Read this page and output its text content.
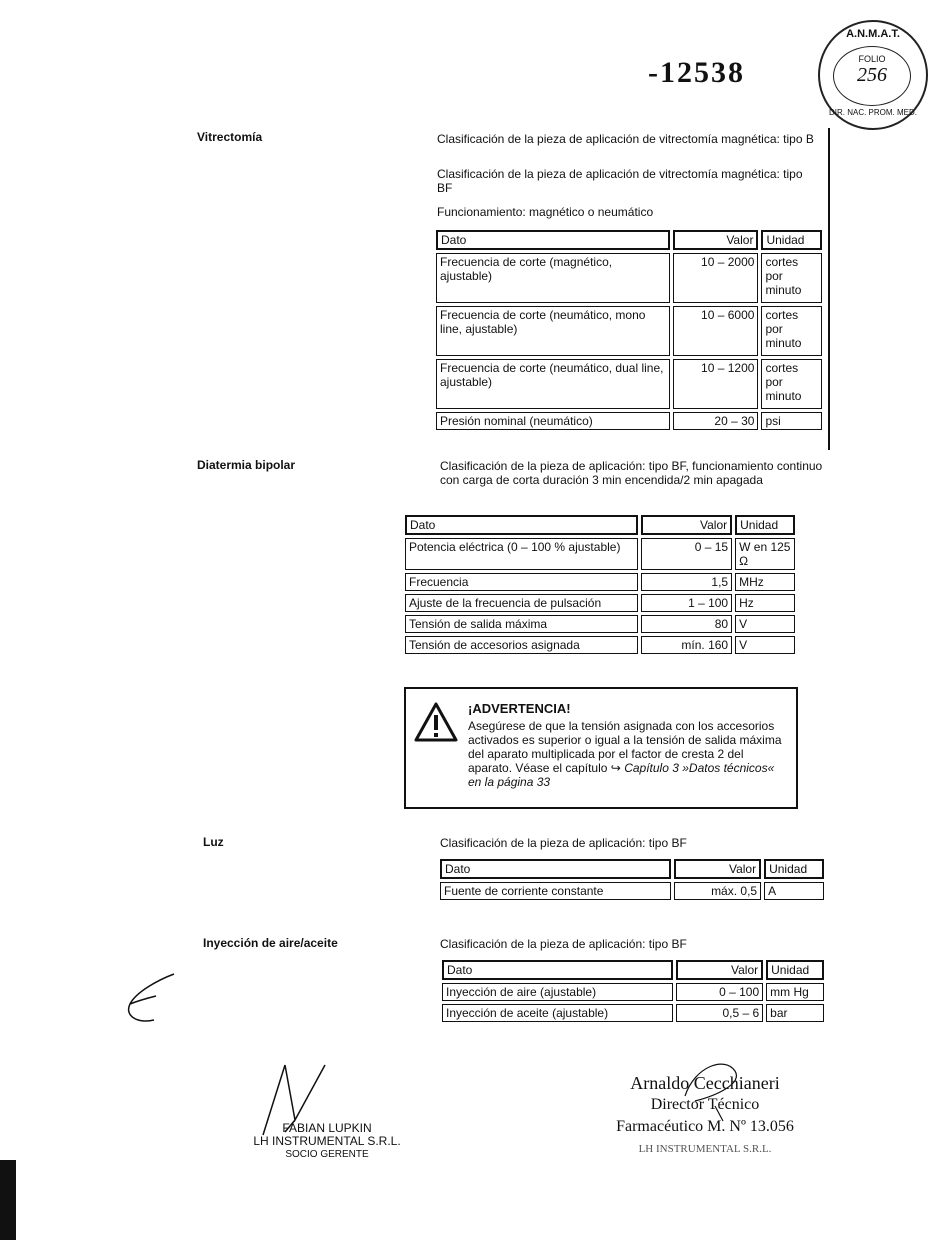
-12538
A.N.M.A.T.
FOLIO
256
DIR. NAC. PROM. MED.
Vitrectomía	Clasificación de la pieza de aplicación de vitrectomía magnética: tipo B
Clasificación de la pieza de aplicación de vitrectomía magnética: tipo BF
Funcionamiento: magnético o neumático
Dato	Valor	Unidad
Frecuencia de corte (magnético, ajustable)	10 – 2000	cortes por minuto
Frecuencia de corte (neumático, mono line, ajustable)	10 – 6000	cortes por minuto
Frecuencia de corte (neumático, dual line, ajustable)	10 – 1200	cortes por minuto
Presión nominal (neumático)	20 – 30	psi
Diatermia bipolar	Clasificación de la pieza de aplicación: tipo BF, funcionamiento continuo con carga de corta duración 3 min encendida/2 min apagada
Dato	Valor	Unidad
Potencia eléctrica (0 – 100 % ajustable)	0 – 15	W en 125 Ω
Frecuencia	1,5	MHz
Ajuste de la frecuencia de pulsación	1 – 100	Hz
Tensión de salida máxima	80	V
Tensión de accesorios asignada	mín. 160	V
¡ADVERTENCIA!
Asegúrese de que la tensión asignada con los accesorios activados es superior o igual a la tensión de salida máxima del aparato multiplicada por el factor de cresta 2 del aparato. Véase el capítulo ↪ Capítulo 3 »Datos técnicos« en la página 33
Luz	Clasificación de la pieza de aplicación: tipo BF
Dato	Valor	Unidad
Fuente de corriente constante	máx. 0,5	A
Inyección de aire/aceite	Clasificación de la pieza de aplicación: tipo BF
Dato	Valor	Unidad
Inyección de aire (ajustable)	0 – 100	mm Hg
Inyección de aceite (ajustable)	0,5 – 6	bar
FABIAN LUPKIN
LH INSTRUMENTAL S.R.L.
SOCIO GERENTE
Arnaldo Cecchianeri
Director Técnico
Farmacéutico M. Nº 13.056
LH INSTRUMENTAL S.R.L.
